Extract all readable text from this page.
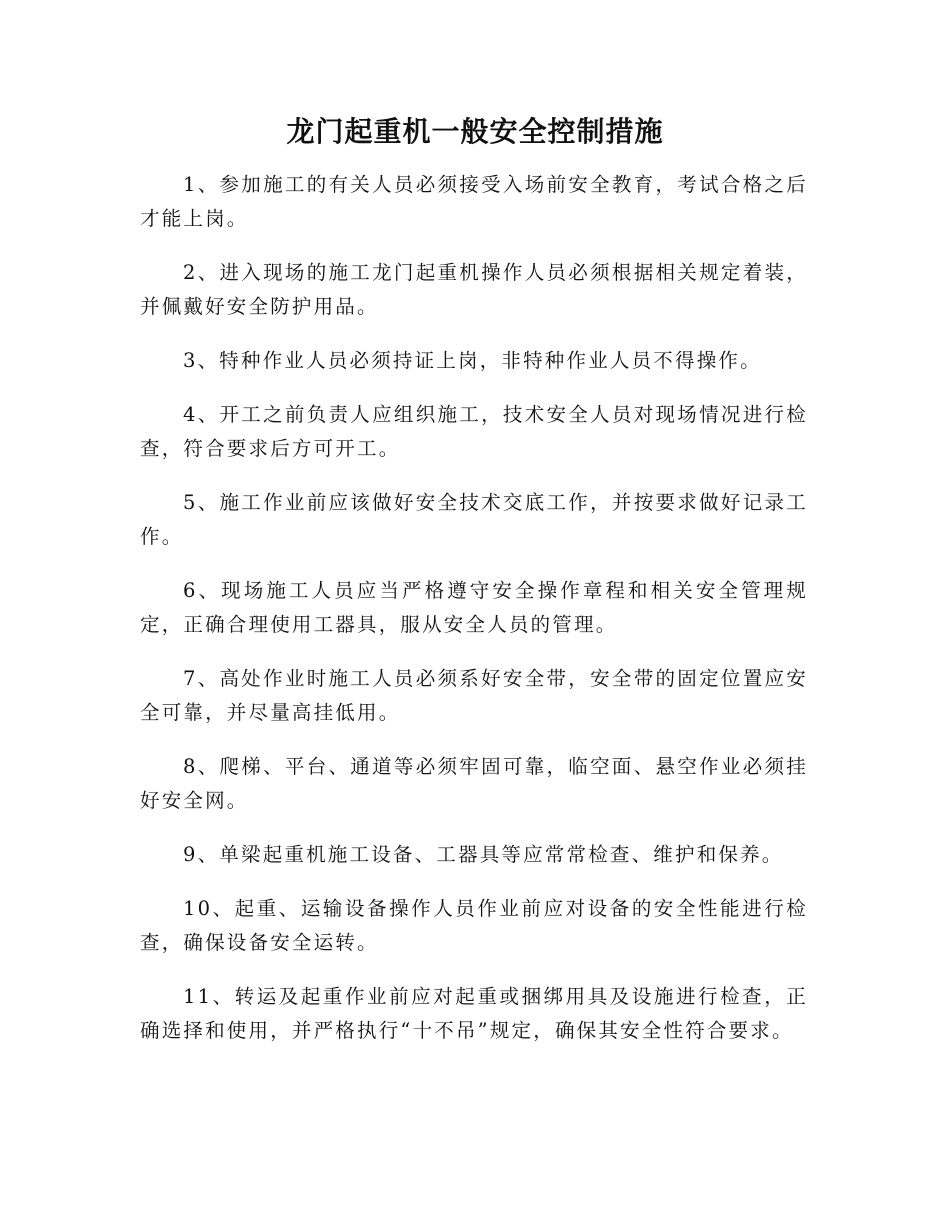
龙门起重机一般安全控制措施

1、参加施工的有关人员必须接受入场前安全教育，考试合格之后才能上岗。

2、进入现场的施工龙门起重机操作人员必须根据相关规定着装，并佩戴好安全防护用品。

3、特种作业人员必须持证上岗，非特种作业人员不得操作。

4、开工之前负责人应组织施工，技术安全人员对现场情况进行检查，符合要求后方可开工。

5、施工作业前应该做好安全技术交底工作，并按要求做好记录工作。

6、现场施工人员应当严格遵守安全操作章程和相关安全管理规定，正确合理使用工器具，服从安全人员的管理。

7、高处作业时施工人员必须系好安全带，安全带的固定位置应安全可靠，并尽量高挂低用。

8、爬梯、平台、通道等必须牢固可靠，临空面、悬空作业必须挂好安全网。

9、单梁起重机施工设备、工器具等应常常检查、维护和保养。

10、起重、运输设备操作人员作业前应对设备的安全性能进行检查，确保设备安全运转。

11、转运及起重作业前应对起重或捆绑用具及设施进行检查，正确选择和使用，并严格执行“十不吊”规定，确保其安全性符合要求。
